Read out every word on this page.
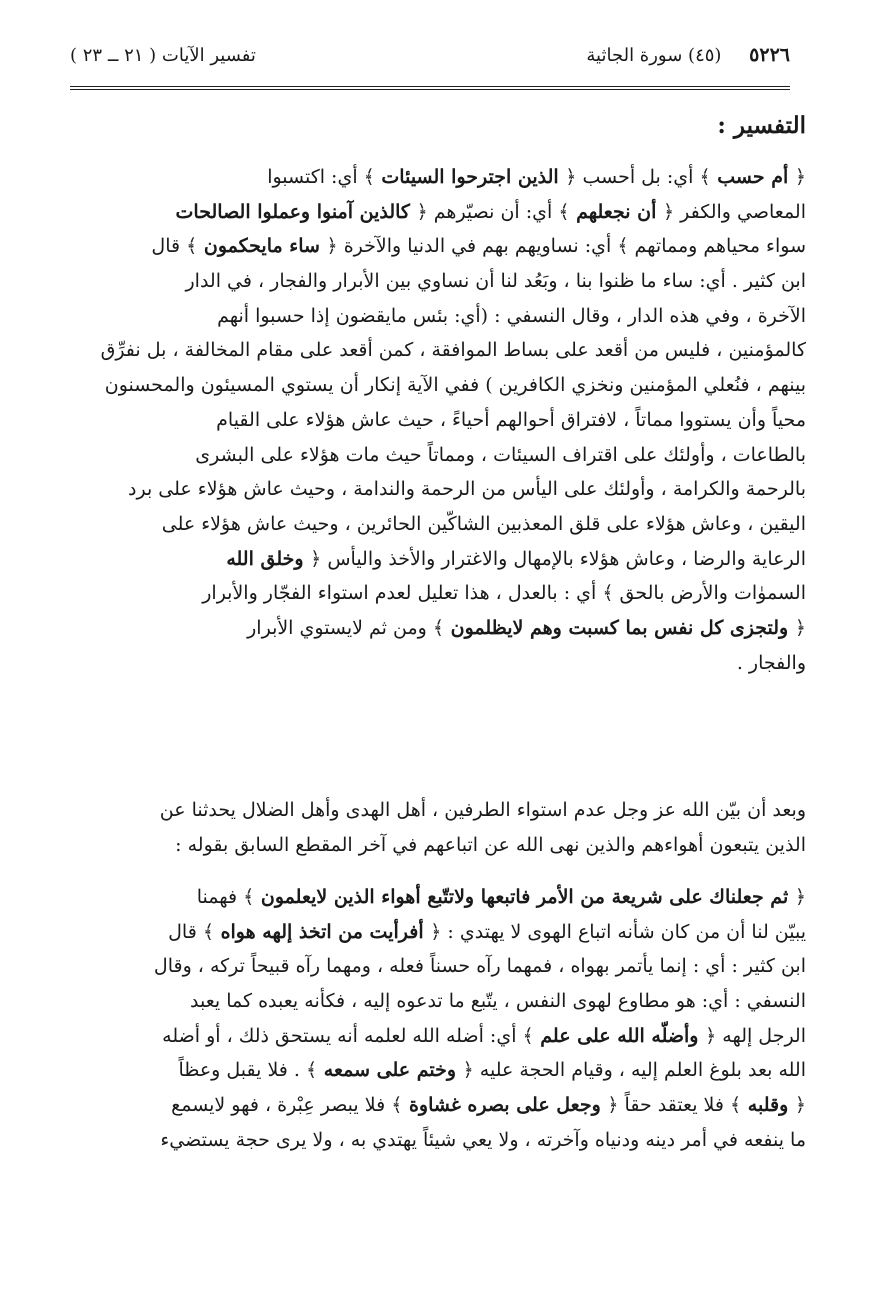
٥٢٢٦ (٤٥) سورة الجاثية
تفسير الآيات ( ٢١ ــ ٢٣ )
التفسير :
﴿ أم حسب ﴾ أي: بل أحسب ﴿ الذين اجترحوا السيئات ﴾ أي: اكتسبوا
المعاصي والكفر ﴿ أن نجعلهم ﴾ أي: أن نصيّرهم ﴿ كالذين آمنوا وعملوا الصالحات
سواء محياهم ومماتهم ﴾ أي: نساويهم بهم في الدنيا والآخرة ﴿ ساء مايحكمون ﴾ قال
ابن كثير . أي: ساء ما ظنوا بنا ، وبَعُد لنا أن نساوي بين الأبرار والفجار ، في الدار
الآخرة ، وفي هذه الدار ، وقال النسفي : (أي: بئس مايقضون إذا حسبوا أنهم
كالمؤمنين ، فليس من أقعد على بساط الموافقة ، كمن أقعد على مقام المخالفة ، بل نفرِّق
بينهم ، فنُعلي المؤمنين ونخزي الكافرين ) ففي الآية إنكار أن يستوي المسيئون والمحسنون
محياً وأن يستووا مماتاً ، لافتراق أحوالهم أحياءً ، حيث عاش هؤلاء على القيام
بالطاعات ، وأولئك على اقتراف السيئات ، ومماتاً حيث مات هؤلاء على البشرى
بالرحمة والكرامة ، وأولئك على اليأس من الرحمة والندامة ، وحيث عاش هؤلاء على برد
اليقين ، وعاش هؤلاء على قلق المعذبين الشاكّين الحائرين ، وحيث عاش هؤلاء على
الرعاية والرضا ، وعاش هؤلاء بالإمهال والاغترار والأخذ واليأس ﴿ وخلق الله
السموٰات والأرض بالحق ﴾ أي : بالعدل ، هذا تعليل لعدم استواء الفجّار والأبرار
﴿ ولتجزى كل نفس بما كسبت وهم لايظلمون ﴾ ومن ثم لايستوي الأبرار
والفجار .
وبعد أن بيّن الله عز وجل عدم استواء الطرفين ، أهل الهدى وأهل الضلال يحدثنا عن
الذين يتبعون أهواءهم والذين نهى الله عن اتباعهم في آخر المقطع السابق بقوله :
﴿ ثم جعلناك على شريعة من الأمر فاتبعها ولاتتّبع أهواء الذين لايعلمون ﴾ فهمنا
يبيّن لنا أن من كان شأنه اتباع الهوى لا يهتدي : ﴿ أفرأيت من اتخذ إلهه هواه ﴾ قال
ابن كثير : أي : إنما يأتمر بهواه ، فمهما رآه حسناً فعله ، ومهما رآه قبيحاً تركه ، وقال
النسفي : أي: هو مطاوع لهوى النفس ، يتّبع ما تدعوه إليه ، فكأنه يعبده كما يعبد
الرجل إلهه ﴿ وأضلّه الله على علم ﴾ أي: أضله الله لعلمه أنه يستحق ذلك ، أو أضله
الله بعد بلوغ العلم إليه ، وقيام الحجة عليه ﴿ وختم على سمعه ﴾ . فلا يقبل وعظاً
﴿ وقلبه ﴾ فلا يعتقد حقاً ﴿ وجعل على بصره غشاوة ﴾ فلا يبصر عِبْرة ، فهو لايسمع
ما ينفعه في أمر دينه ودنياه وآخرته ، ولا يعي شيئاً يهتدي به ، ولا يرى حجة يستضيء
